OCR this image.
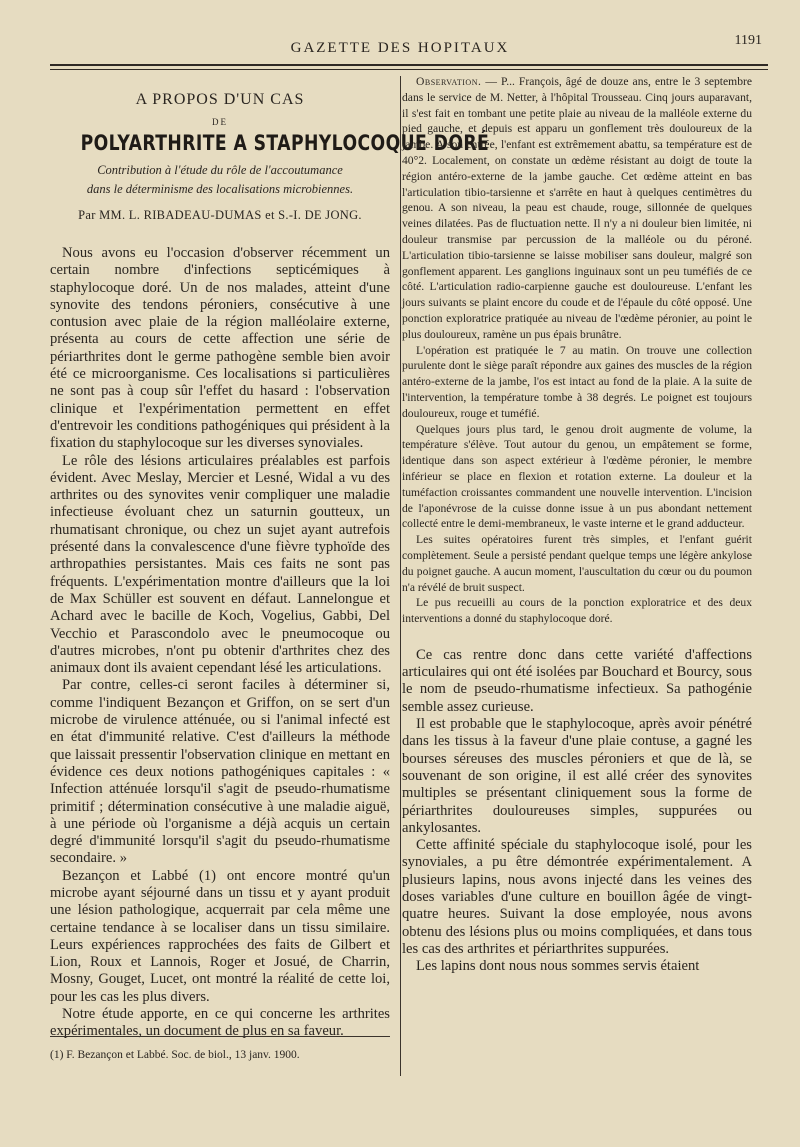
GAZETTE DES HOPITAUX	1191
A PROPOS D'UN CAS
DE
POLYARTHRITE A STAPHYLOCOQUE DORÉ
Contribution à l'étude du rôle de l'accoutumance
dans le déterminisme des localisations microbiennes.
Par MM. L. RIBADEAU-DUMAS et S.-I. DE JONG.

Nous avons eu l'occasion d'observer récemment un certain nombre d'infections septicémiques à staphylocoque doré. Un de nos malades, atteint d'une synovite des tendons péroniers, consécutive à une contusion avec plaie de la région malléolaire externe, présenta au cours de cette affection une série de périarthrites dont le germe pathogène semble bien avoir été ce microorganisme. Ces localisations si particulières ne sont pas à coup sûr l'effet du hasard : l'observation clinique et l'expérimentation permettent en effet d'entrevoir les conditions pathogéniques qui président à la fixation du staphylocoque sur les diverses synoviales.

Le rôle des lésions articulaires préalables est parfois évident. Avec Meslay, Mercier et Lesné, Widal a vu des arthrites ou des synovites venir compliquer une maladie infectieuse évoluant chez un saturnin goutteux, un rhumatisant chronique, ou chez un sujet ayant autrefois présenté dans la convalescence d'une fièvre typhoïde des arthropathies persistantes. Mais ces faits ne sont pas fréquents. L'expérimentation montre d'ailleurs que la loi de Max Schüller est souvent en défaut. Lannelongue et Achard avec le bacille de Koch, Vogelius, Gabbi, Del Vecchio et Parascondolo avec le pneumocoque ou d'autres microbes, n'ont pu obtenir d'arthrites chez des animaux dont ils avaient cependant lésé les articulations.

Par contre, celles-ci seront faciles à déterminer si, comme l'indiquent Bezançon et Griffon, on se sert d'un microbe de virulence atténuée, ou si l'animal infecté est en état d'immunité relative. C'est d'ailleurs la méthode que laissait pressentir l'observation clinique en mettant en évidence ces deux notions pathogéniques capitales : « Infection atténuée lorsqu'il s'agit de pseudo-rhumatisme primitif ; détermination consécutive à une maladie aiguë, à une période où l'organisme a déjà acquis un certain degré d'immunité lorsqu'il s'agit du pseudo-rhumatisme secondaire. »

Bezançon et Labbé (1) ont encore montré qu'un microbe ayant séjourné dans un tissu et y ayant produit une lésion pathologique, acquerrait par cela même une certaine tendance à se localiser dans un tissu similaire. Leurs expériences rapprochées des faits de Gilbert et Lion, Roux et Lannois, Roger et Josué, de Charrin, Mosny, Gouget, Lucet, ont montré la réalité de cette loi, pour les cas les plus divers.

Notre étude apporte, en ce qui concerne les arthrites expérimentales, un document de plus en sa faveur.

(1) F. Bezançon et Labbé. Soc. de biol., 13 janv. 1900.

Observation. — P... François, âgé de douze ans, entre le 3 septembre dans le service de M. Netter, à l'hôpital Trousseau. Cinq jours auparavant, il s'est fait en tombant une petite plaie au niveau de la malléole externe du pied gauche, et depuis est apparu un gonflement très douloureux de la jambe. A son entrée, l'enfant est extrêmement abattu, sa température est de 40°2. Localement, on constate un œdème résistant au doigt de toute la région antéro-externe de la jambe gauche. Cet œdème atteint en bas l'articulation tibio-tarsienne et s'arrête en haut à quelques centimètres du genou. A son niveau, la peau est chaude, rouge, sillonnée de quelques veines dilatées. Pas de fluctuation nette. Il n'y a ni douleur bien limitée, ni douleur transmise par percussion de la malléole ou du péroné. L'articulation tibio-tarsienne se laisse mobiliser sans douleur, malgré son gonflement apparent. Les ganglions inguinaux sont un peu tuméfiés de ce côté. L'articulation radio-carpienne gauche est douloureuse. L'enfant les jours suivants se plaint encore du coude et de l'épaule du côté opposé. Une ponction exploratrice pratiquée au niveau de l'œdème péronier, au point le plus douloureux, ramène un pus épais brunâtre.

L'opération est pratiquée le 7 au matin. On trouve une collection purulente dont le siège paraît répondre aux gaines des muscles de la région antéro-externe de la jambe, l'os est intact au fond de la plaie. A la suite de l'intervention, la température tombe à 38 degrés. Le poignet est toujours douloureux, rouge et tuméfié.

Quelques jours plus tard, le genou droit augmente de volume, la température s'élève. Tout autour du genou, un empâtement se forme, identique dans son aspect extérieur à l'œdème péronier, le membre inférieur se place en flexion et rotation externe. La douleur et la tuméfaction croissantes commandent une nouvelle intervention. L'incision de l'aponévrose de la cuisse donne issue à un pus abondant nettement collecté entre le demi-membraneux, le vaste interne et le grand adducteur.

Les suites opératoires furent très simples, et l'enfant guérit complètement. Seule a persisté pendant quelque temps une légère ankylose du poignet gauche. A aucun moment, l'auscultation du cœur ou du poumon n'a révélé de bruit suspect.

Le pus recueilli au cours de la ponction exploratrice et des deux interventions a donné du staphylocoque doré.

Ce cas rentre donc dans cette variété d'affections articulaires qui ont été isolées par Bouchard et Bourcy, sous le nom de pseudo-rhumatisme infectieux. Sa pathogénie semble assez curieuse.

Il est probable que le staphylocoque, après avoir pénétré dans les tissus à la faveur d'une plaie contuse, a gagné les bourses séreuses des muscles péroniers et que de là, se souvenant de son origine, il est allé créer des synovites multiples se présentant cliniquement sous la forme de périarthrites douloureuses simples, suppurées ou ankylosantes.

Cette affinité spéciale du staphylocoque isolé, pour les synoviales, a pu être démontrée expérimentalement. A plusieurs lapins, nous avons injecté dans les veines des doses variables d'une culture en bouillon âgée de vingt-quatre heures. Suivant la dose employée, nous avons obtenu des lésions plus ou moins compliquées, et dans tous les cas des arthrites et périarthrites suppurées.

Les lapins dont nous nous sommes servis étaient
